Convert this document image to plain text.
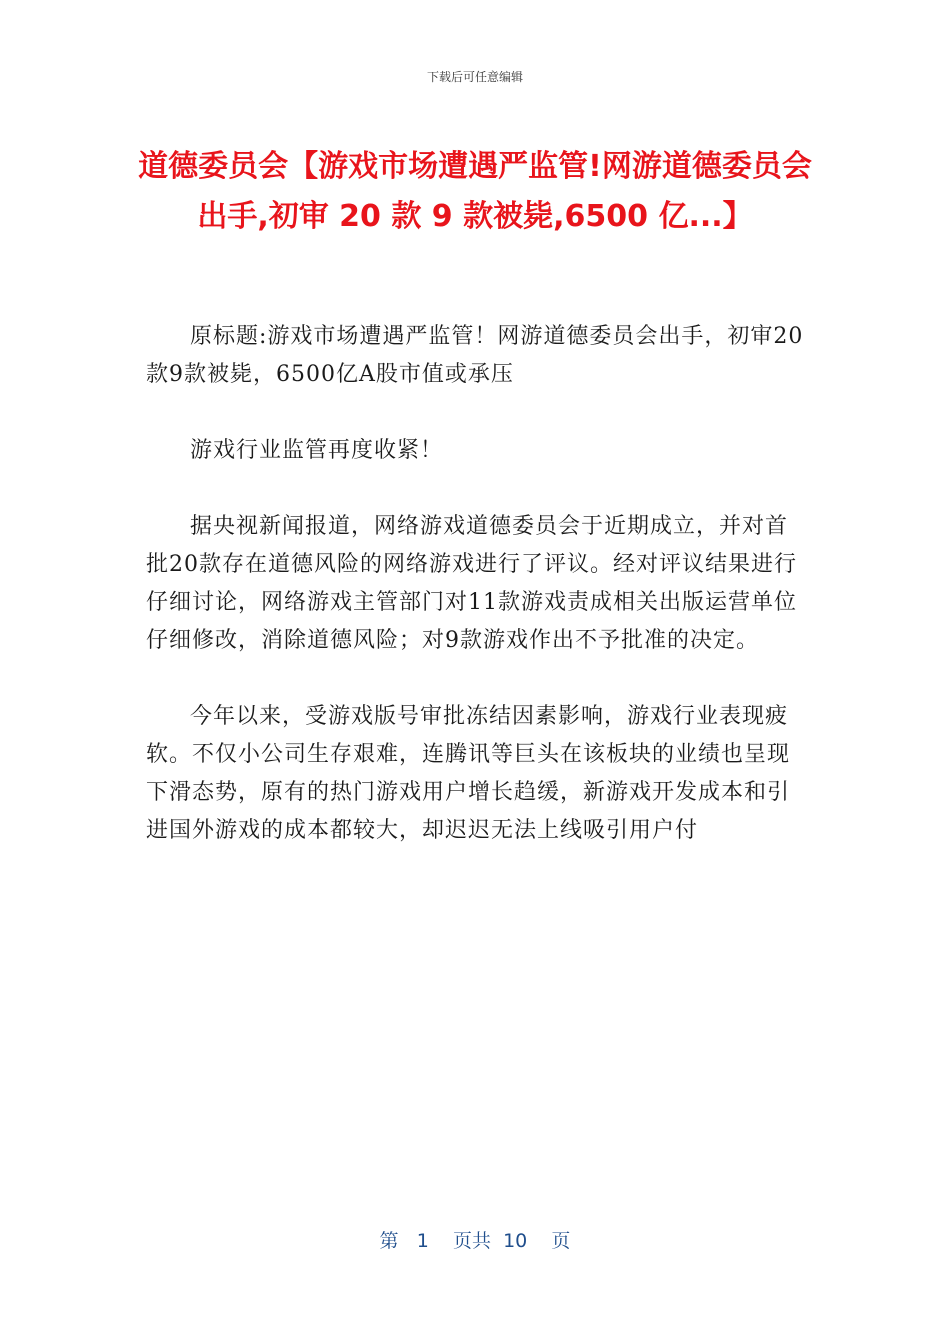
下载后可任意编辑
道德委员会【游戏市场遭遇严监管!网游道德委员会出手,初审 20 款 9 款被毙,6500 亿...】

原标题:游戏市场遭遇严监管！网游道德委员会出手，初审20款9款被毙，6500亿A股市值或承压

游戏行业监管再度收紧！

据央视新闻报道，网络游戏道德委员会于近期成立，并对首批20款存在道德风险的网络游戏进行了评议。经对评议结果进行仔细讨论，网络游戏主管部门对11款游戏责成相关出版运营单位仔细修改，消除道德风险；对9款游戏作出不予批准的决定。

今年以来，受游戏版号审批冻结因素影响，游戏行业表现疲软。不仅小公司生存艰难，连腾讯等巨头在该板块的业绩也呈现下滑态势，原有的热门游戏用户增长趋缓，新游戏开发成本和引进国外游戏的成本都较大，却迟迟无法上线吸引用户付

第 1 页共 10 页
